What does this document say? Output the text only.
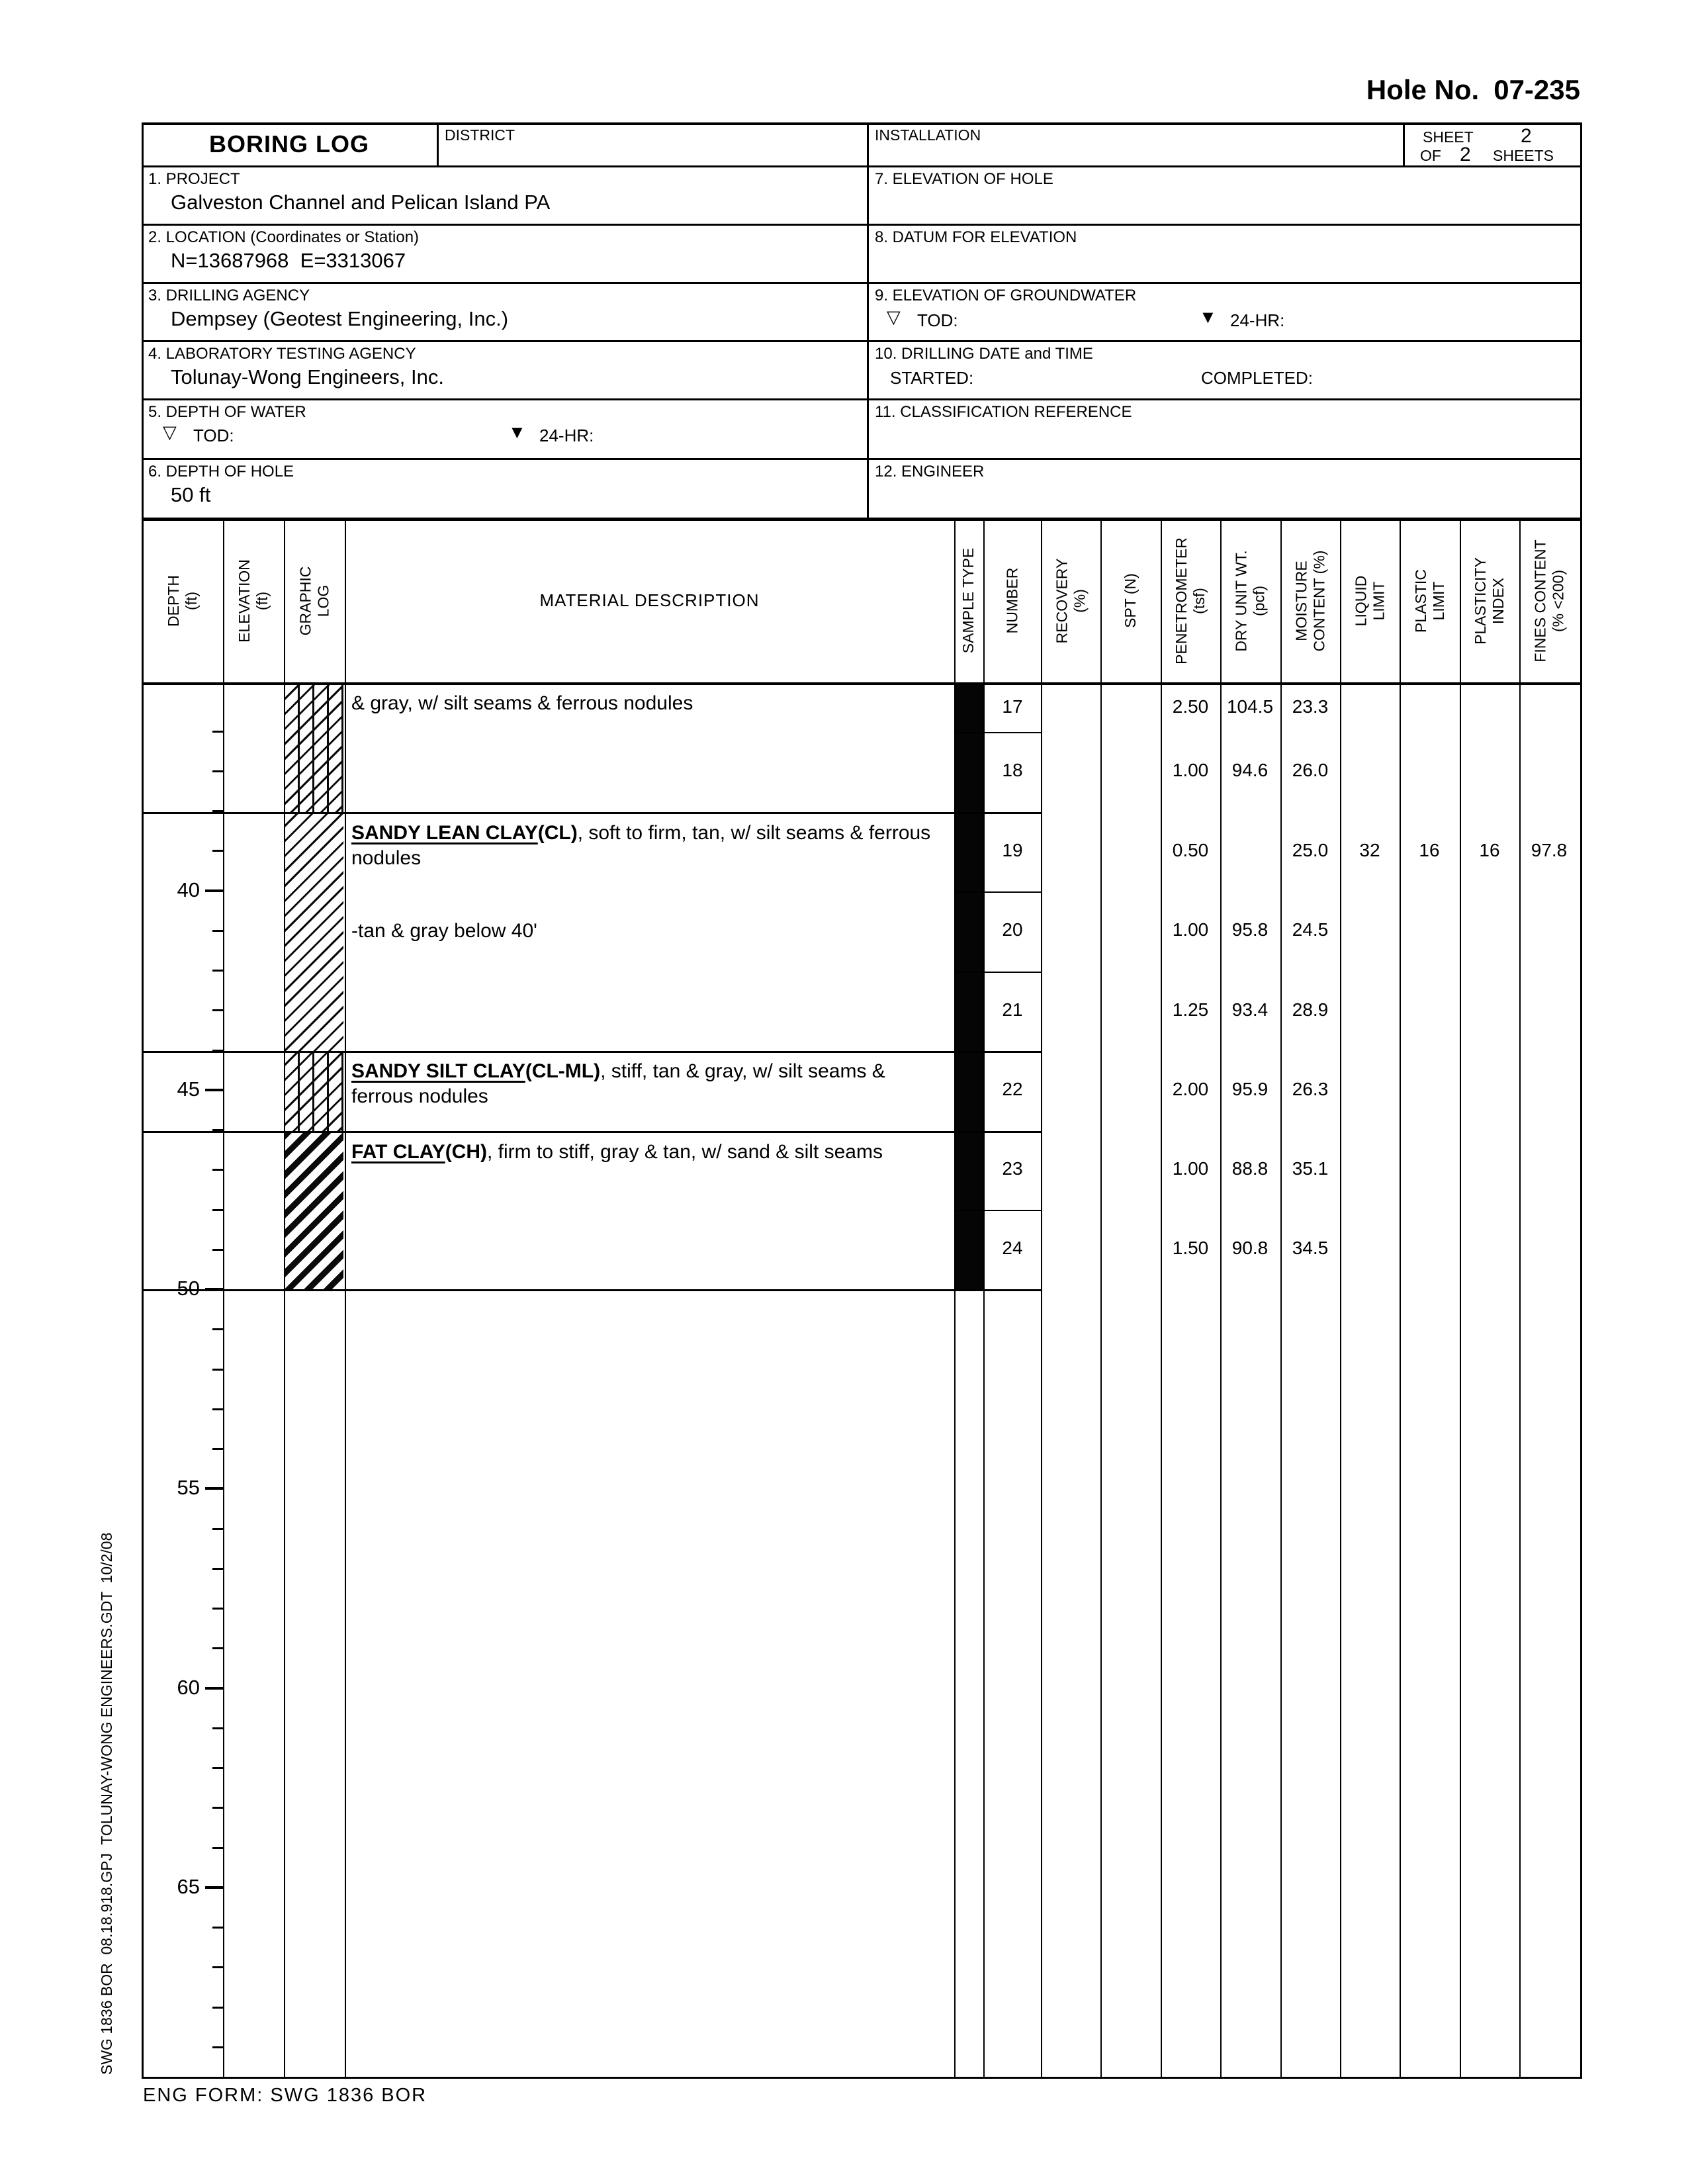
Hole No. 07-235
BORING LOG	DISTRICT	INSTALLATION	SHEET 2
OF 2 SHEETS
1. PROJECT
Galveston Channel and Pelican Island PA
2. LOCATION (Coordinates or Station)
N=13687968  E=3313067
3. DRILLING AGENCY
Dempsey (Geotest Engineering, Inc.)
4. LABORATORY TESTING AGENCY
Tolunay-Wong Engineers, Inc.
5. DEPTH OF WATER
▽ TOD:	▼ 24-HR:
6. DEPTH OF HOLE
50 ft
7. ELEVATION OF HOLE
8. DATUM FOR ELEVATION
9. ELEVATION OF GROUNDWATER
▽ TOD:	▼ 24-HR:
10. DRILLING DATE and TIME
STARTED:	COMPLETED:
11. CLASSIFICATION REFERENCE
12. ENGINEER
DEPTH (ft) ELEVATION (ft) GRAPHIC LOG	MATERIAL DESCRIPTION	SAMPLE TYPE NUMBER RECOVERY (%) SPT (N) PENETROMETER (tsf) DRY UNIT WT. (pcf) MOISTURE CONTENT (%) LIQUID LIMIT PLASTIC LIMIT PLASTICITY INDEX FINES CONTENT (% <200)
40
45
50
55
60
65
& gray, w/ silt seams & ferrous nodules
SANDY LEAN CLAY(CL), soft to firm, tan, w/ silt seams & ferrous nodules
-tan & gray below 40'
SANDY SILT CLAY(CL-ML), stiff, tan & gray, w/ silt seams & ferrous nodules
FAT CLAY(CH), firm to stiff, gray & tan, w/ sand & silt seams
17	2.50 104.5 23.3
18	1.00 94.6 26.0
19	0.50	25.0 32 16 16 97.8
20	1.00 95.8 24.5
21	1.25 93.4 28.9
22	2.00 95.9 26.3
23	1.00 88.8 35.1
24	1.50 90.8 34.5
SWG 1836 BOR  08.18.918.GPJ  TOLUNAY-WONG ENGINEERS.GDT  10/2/08
ENG FORM: SWG 1836 BOR
